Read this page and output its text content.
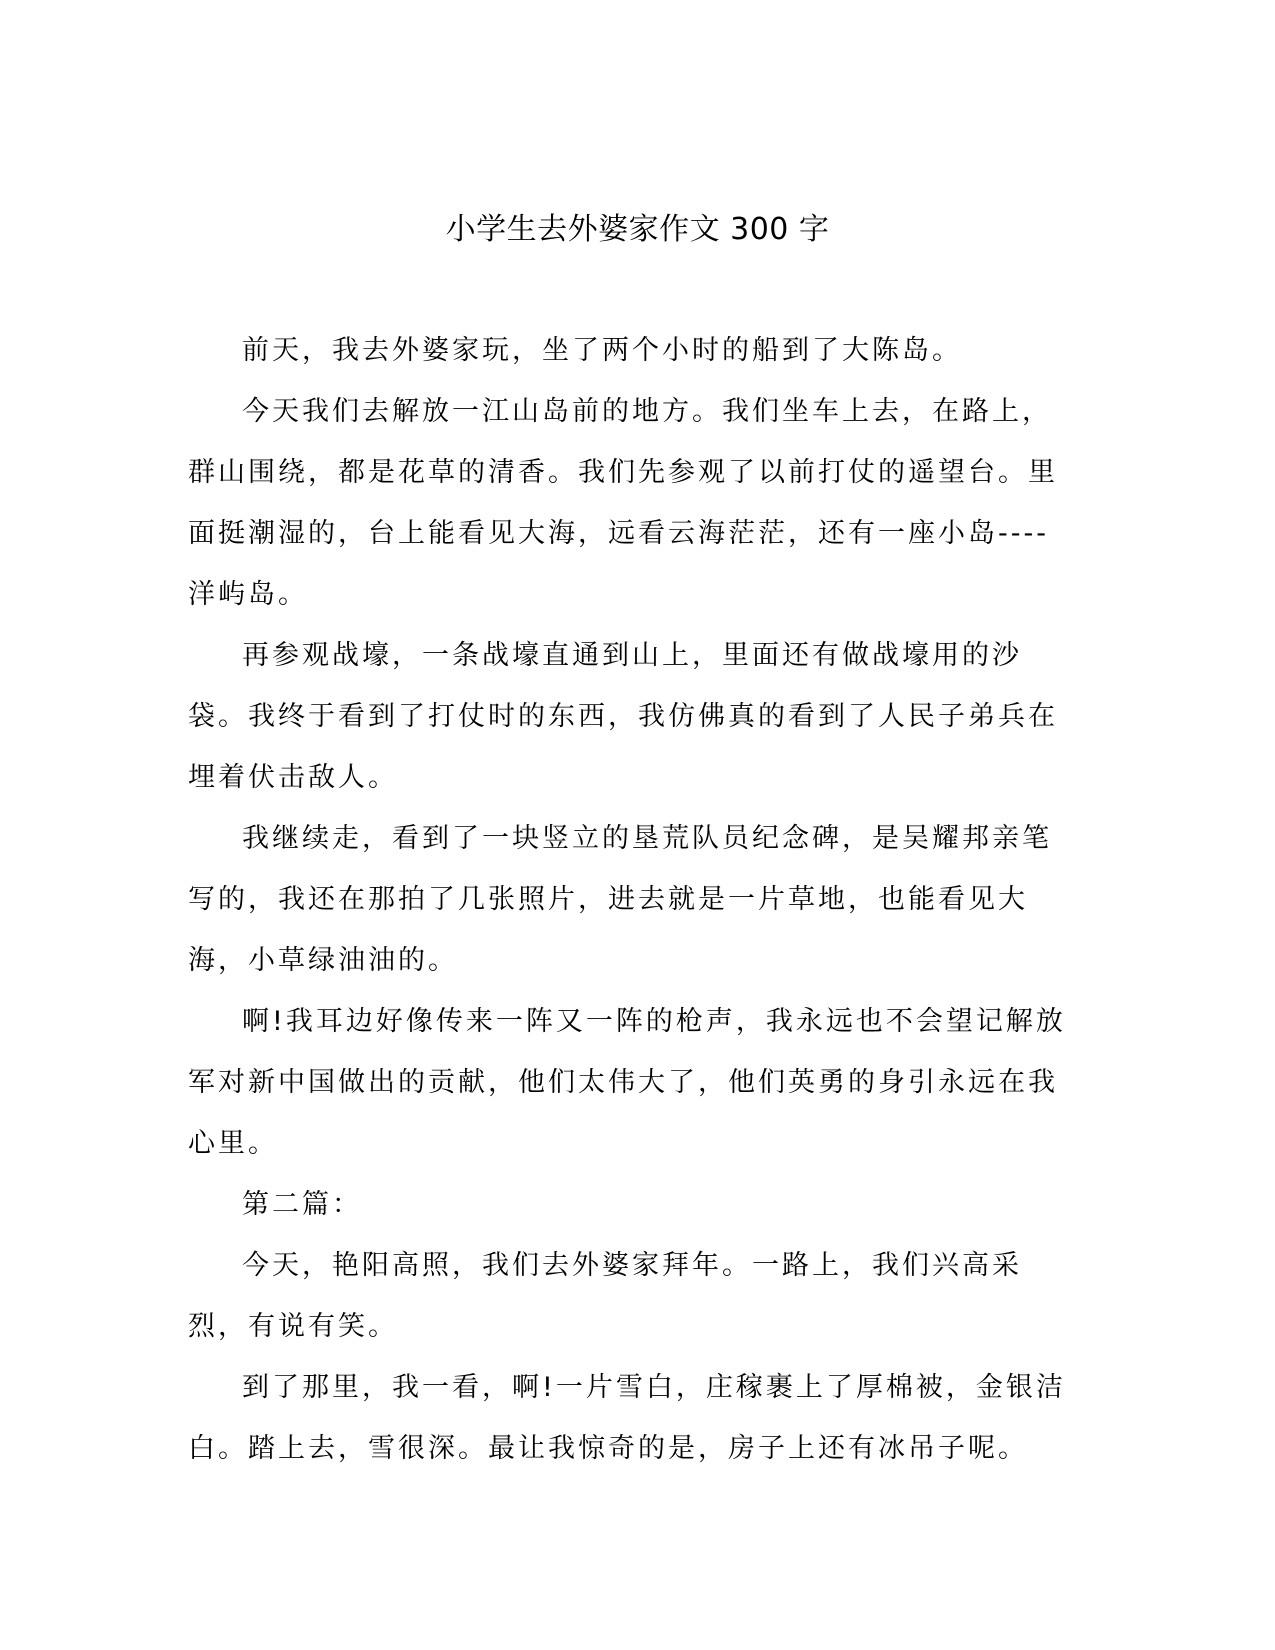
小学生去外婆家作文 300 字

前天，我去外婆家玩，坐了两个小时的船到了大陈岛。

今天我们去解放一江山岛前的地方。我们坐车上去，在路上，群山围绕，都是花草的清香。我们先参观了以前打仗的遥望台。里面挺潮湿的，台上能看见大海，远看云海茫茫，还有一座小岛----洋屿岛。

再参观战壕，一条战壕直通到山上，里面还有做战壕用的沙袋。我终于看到了打仗时的东西，我仿佛真的看到了人民子弟兵在埋着伏击敌人。

我继续走，看到了一块竖立的垦荒队员纪念碑，是吴耀邦亲笔写的，我还在那拍了几张照片，进去就是一片草地，也能看见大海，小草绿油油的。

啊!我耳边好像传来一阵又一阵的枪声，我永远也不会望记解放军对新中国做出的贡献，他们太伟大了，他们英勇的身引永远在我心里。

第二篇：

今天，艳阳高照，我们去外婆家拜年。一路上，我们兴高采烈，有说有笑。

到了那里，我一看，啊!一片雪白，庄稼裹上了厚棉被，金银洁白。踏上去，雪很深。最让我惊奇的是，房子上还有冰吊子呢。
